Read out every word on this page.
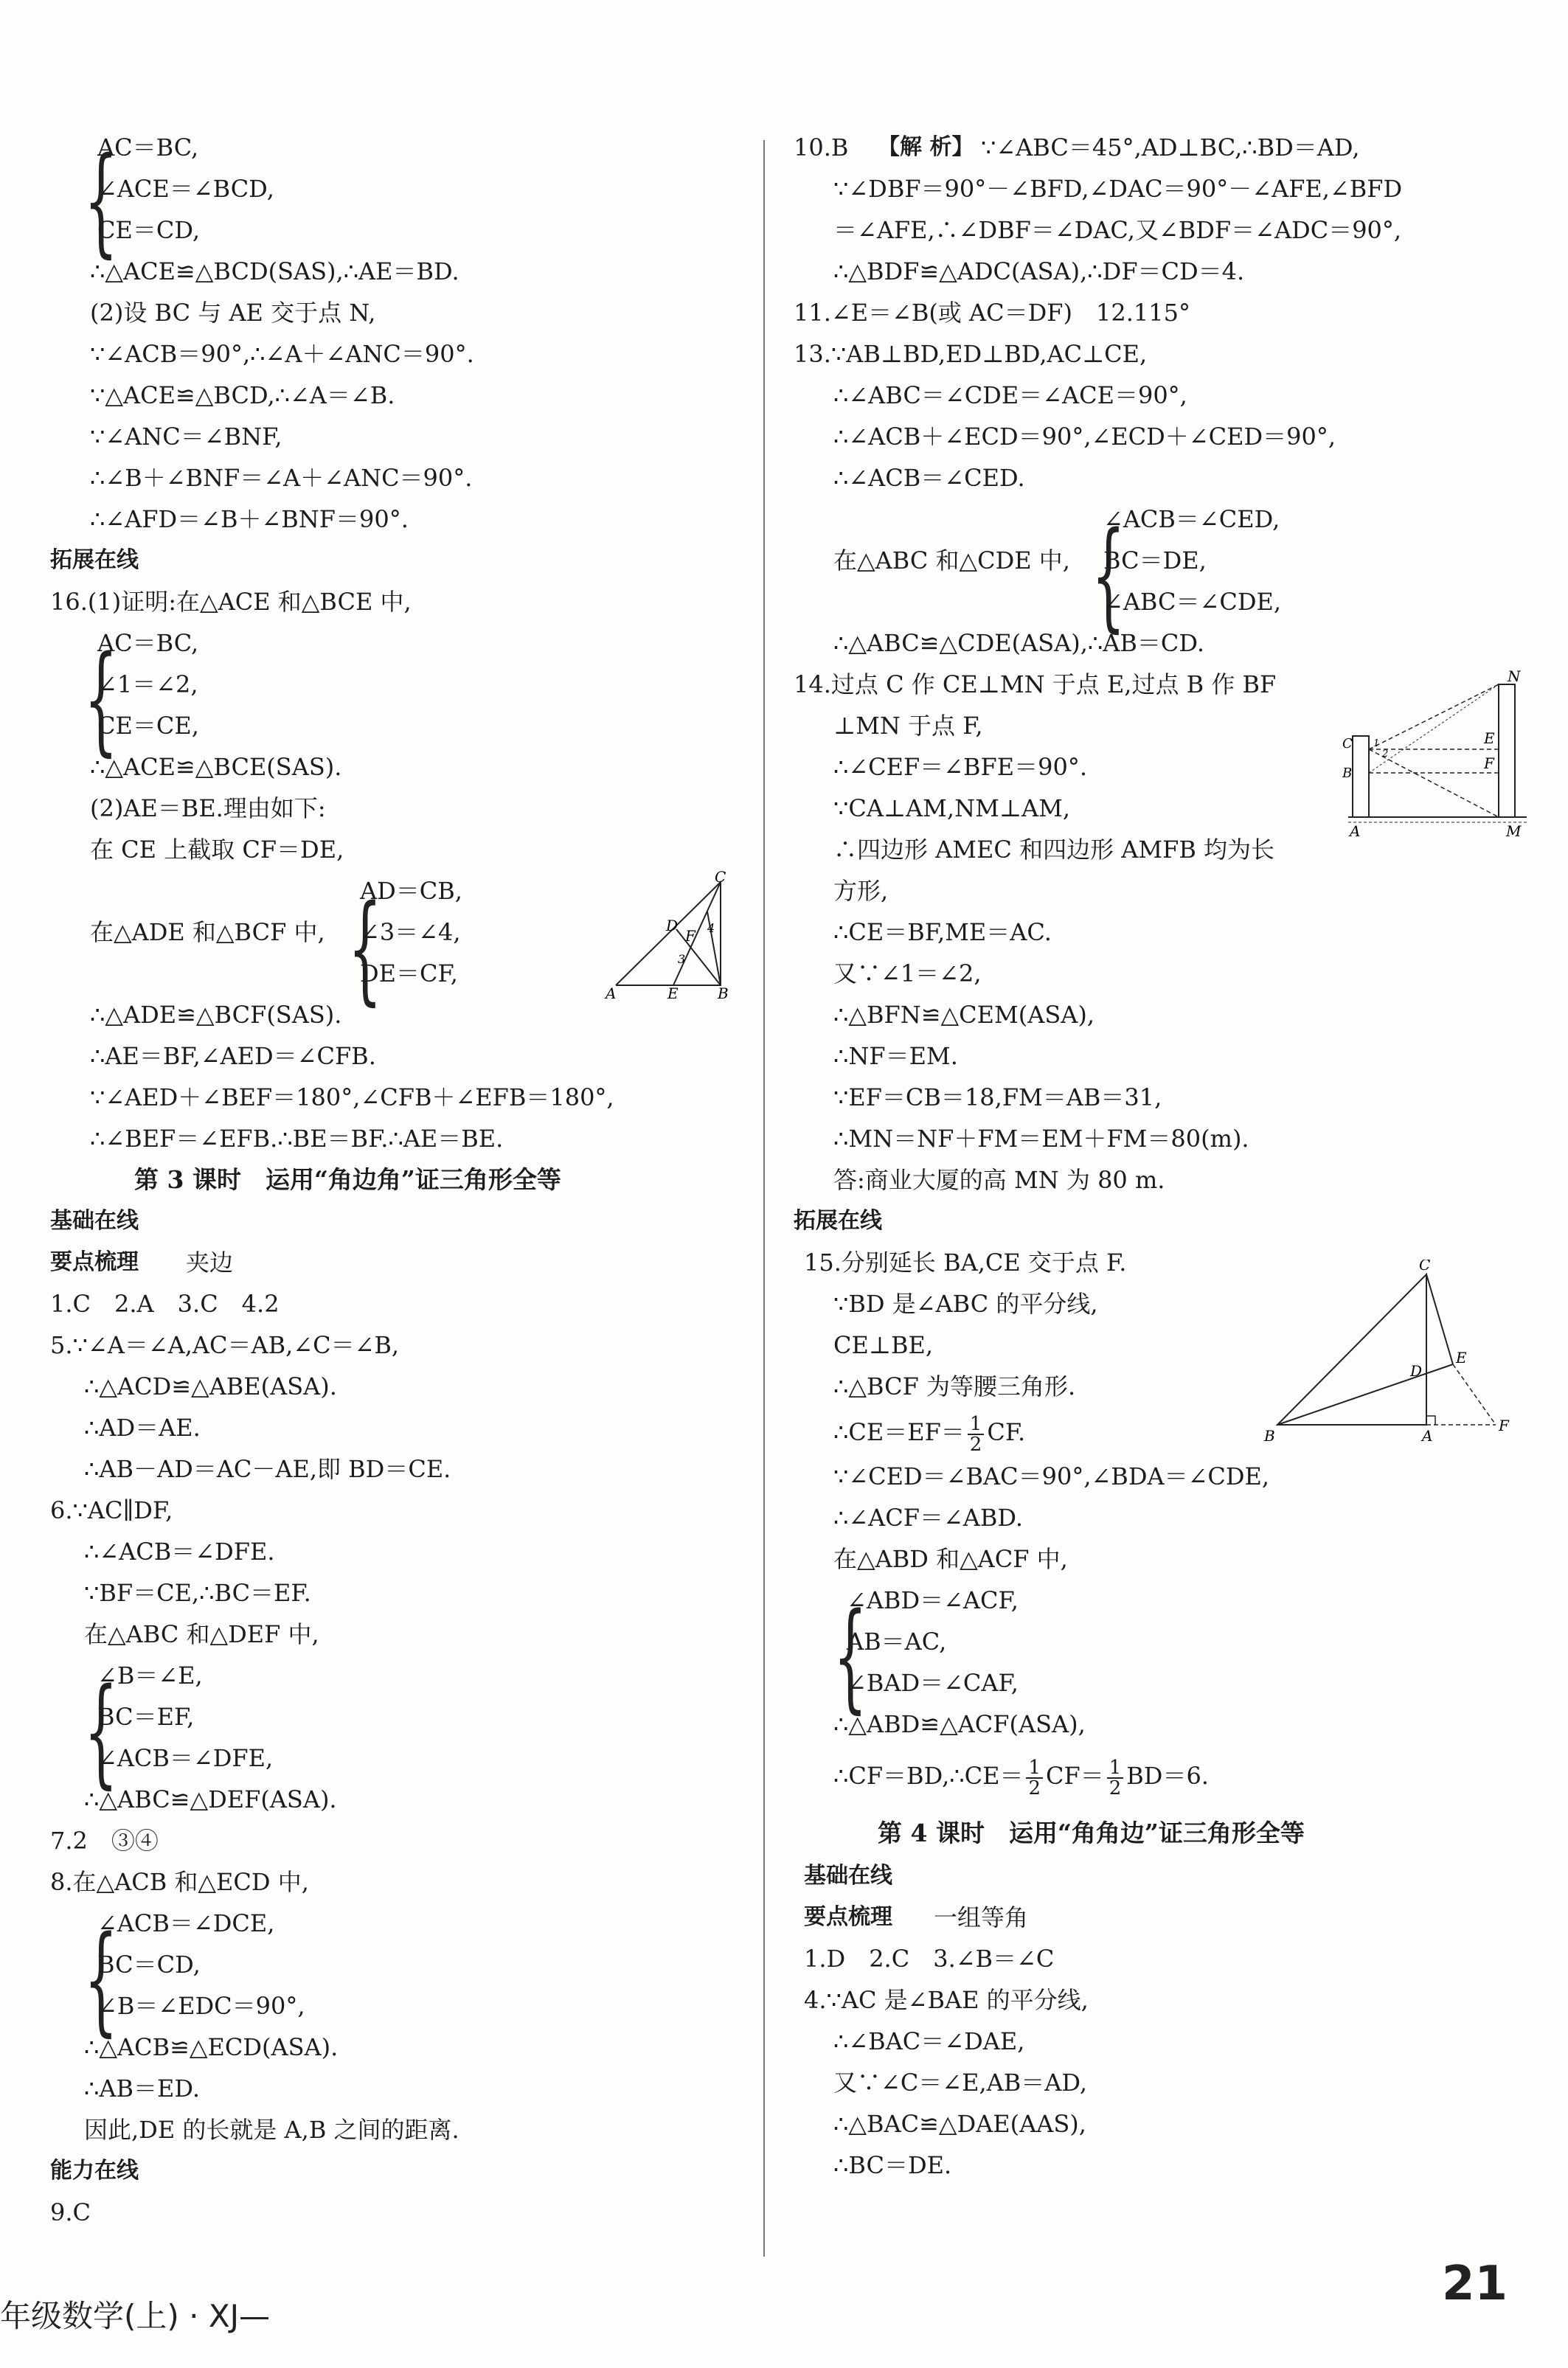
{
AC＝BC,
∠ACE＝∠BCD,
CE＝CD,
∴△ACE≌△BCD(SAS),∴AE＝BD.
(2)设 BC 与 AE 交于点 N,
∵∠ACB＝90°,∴∠A＋∠ANC＝90°.
∵△ACE≌△BCD,∴∠A＝∠B.
∵∠ANC＝∠BNF,
∴∠B＋∠BNF＝∠A＋∠ANC＝90°.
∴∠AFD＝∠B＋∠BNF＝90°.
拓展在线
16.(1)证明:在△ACE 和△BCE 中,
{
AC＝BC,
∠1＝∠2,
CE＝CE,
∴△ACE≌△BCE(SAS).
(2)AE＝BE.理由如下:
在 CE 上截取 CF＝DE,
在△ADE 和△BCF 中, {
AD＝CB,
∠3＝∠4,
DE＝CF,
C
D
F 4
3
A	E	B
∴△ADE≌△BCF(SAS).
∴AE＝BF,∠AED＝∠CFB.
∵∠AED＋∠BEF＝180°,∠CFB＋∠EFB＝180°,
∴∠BEF＝∠EFB.∴BE＝BF.∴AE＝BE.
第 3 课时　运用“角边角”证三角形全等
基础在线
要点梳理 夹边
1.C　2.A　3.C　4.2
5.∵∠A＝∠A,AC＝AB,∠C＝∠B,
∴△ACD≌△ABE(ASA).
∴AD＝AE.
∴AB－AD＝AC－AE,即 BD＝CE.
6.∵AC∥DF,
∴∠ACB＝∠DFE.
∵BF＝CE,∴BC＝EF.
在△ABC 和△DEF 中,
{
∠B＝∠E,
BC＝EF,
∠ACB＝∠DFE,
∴△ABC≌△DEF(ASA).
7.2　③④
8.在△ACB 和△ECD 中,
{
∠ACB＝∠DCE,
BC＝CD,
∠B＝∠EDC＝90°,
∴△ACB≌△ECD(ASA).
∴AB＝ED.
因此,DE 的长就是 A,B 之间的距离.
能力在线
9.C
10.B 【解 析】 ∵∠ABC＝45°,AD⊥BC,∴BD＝AD,
∵∠DBF＝90°－∠BFD,∠DAC＝90°－∠AFE,∠BFD
＝∠AFE,∴∠DBF＝∠DAC,又∠BDF＝∠ADC＝90°,
∴△BDF≌△ADC(ASA),∴DF＝CD＝4.
11.∠E＝∠B(或 AC＝DF)　12.115°
13.∵AB⊥BD,ED⊥BD,AC⊥CE,
∴∠ABC＝∠CDE＝∠ACE＝90°,
∴∠ACB＋∠ECD＝90°,∠ECD＋∠CED＝90°,
∴∠ACB＝∠CED.
在△ABC 和△CDE 中, {
∠ACB＝∠CED,
BC＝DE,
∠ABC＝∠CDE,
∴△ABC≌△CDE(ASA),∴AB＝CD.
14.过点 C 作 CE⊥MN 于点 E,过点 B 作 BF
⊥MN 于点 F,
∴∠CEF＝∠BFE＝90°.
∵CA⊥AM,NM⊥AM,
∴四边形 AMEC 和四边形 AMFB 均为长
方形,
∴CE＝BF,ME＝AC.
又∵∠1＝∠2,
∴△BFN≌△CEM(ASA),
∴NF＝EM.
∵EF＝CB＝18,FM＝AB＝31,
∴MN＝NF＋FM＝EM＋FM＝80(m).
答:商业大厦的高 MN 为 80 m.
N
E
F
C 1
2
B
A	M
拓展在线
15.分别延长 BA,CE 交于点 F.
∵BD 是∠ABC 的平分线,
CE⊥BE,
∴△BCF 为等腰三角形.
∴CE＝EF＝ $\frac{1}{2}$ CF.
C
D
E
B	A
F
∵∠CED＝∠BAC＝90°,∠BDA＝∠CDE,
∴∠ACF＝∠ABD.
在△ABD 和△ACF 中,
{
∠ABD＝∠ACF,
AB＝AC,
∠BAD＝∠CAF,
∴△ABD≌△ACF(ASA),
∴CF＝BD,∴CE＝ $\frac{1}{2} CF= \frac{1}{2} BD=6$.
第 4 课时　运用“角角边”证三角形全等
基础在线
要点梳理 一组等角
1.D　2.C　3.∠B＝∠C
4.∵AC 是∠BAE 的平分线,
∴∠BAC＝∠DAE,
又∵∠C＝∠E,AB＝AD,
∴△BAC≌△DAE(AAS),
∴BC＝DE.
年级数学(上) · XJ—
21
